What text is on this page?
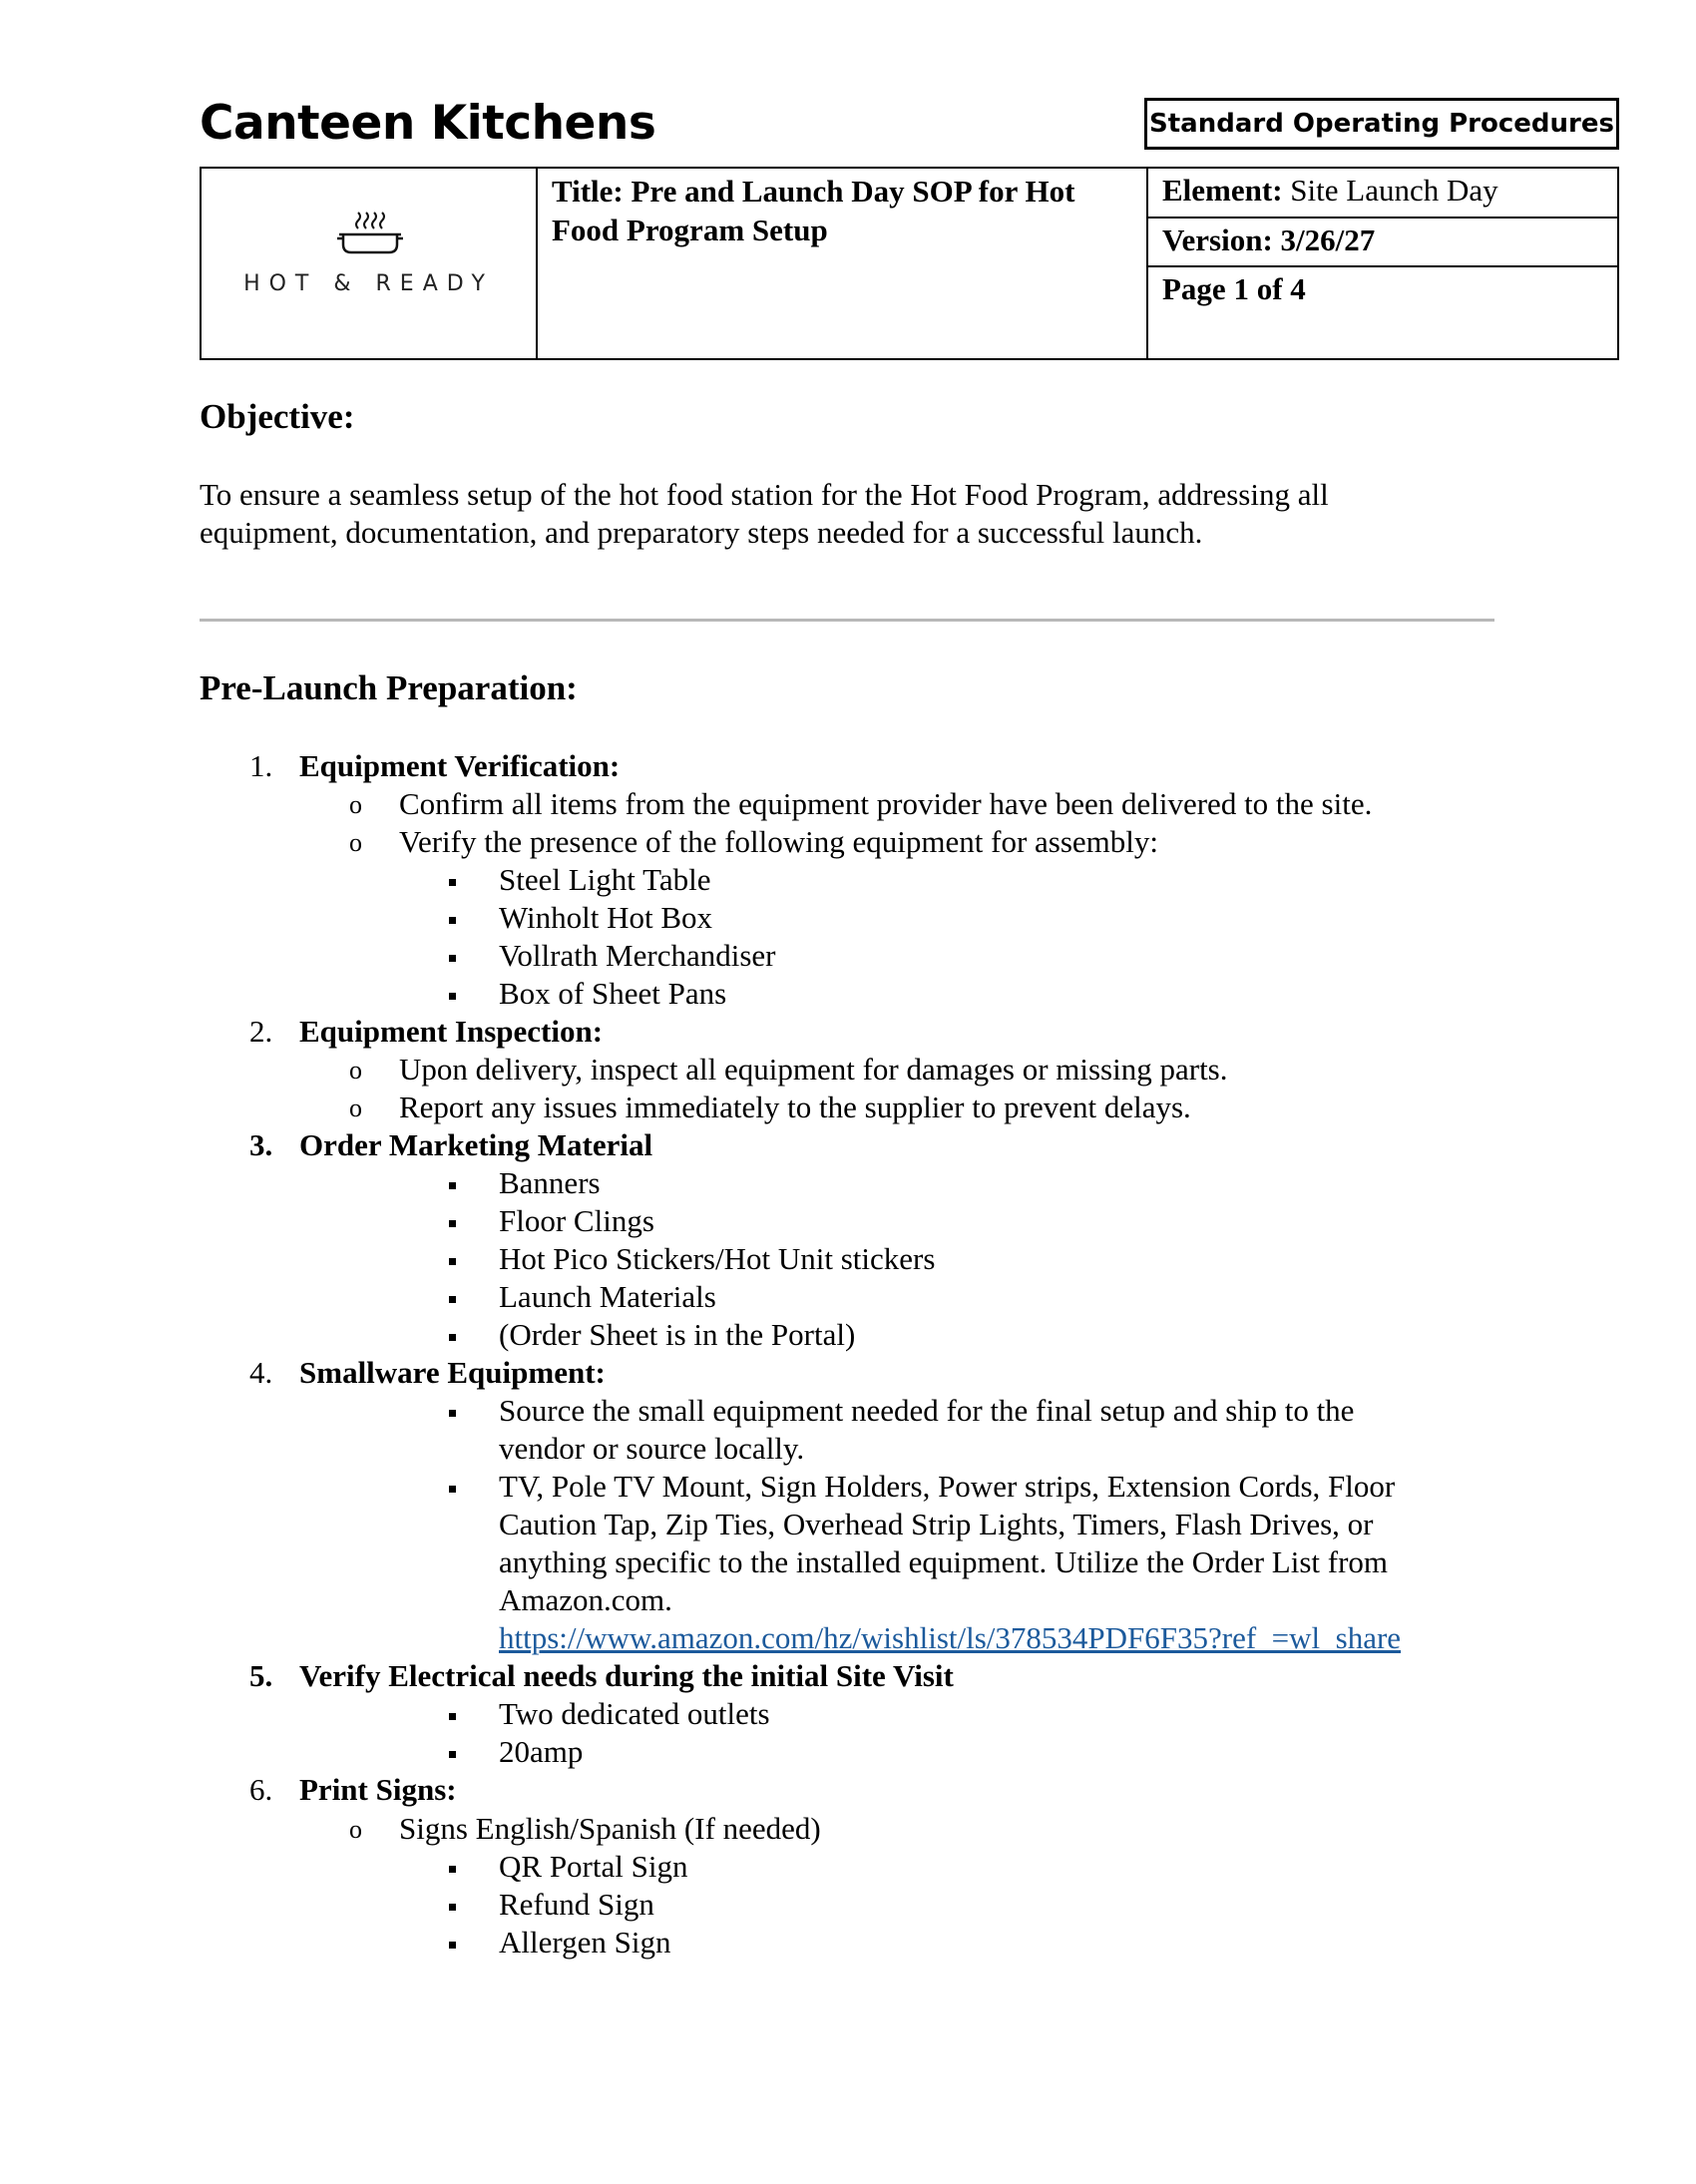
Canteen Kitchens	Standard Operating Procedures
HOT & READY
Title: Pre and Launch Day SOP for Hot
Food Program Setup
Element: Site Launch Day
Version: 3/26/27
Page 1 of 4
Objective:
To ensure a seamless setup of the hot food station for the Hot Food Program, addressing all
equipment, documentation, and preparatory steps needed for a successful launch.
Pre-Launch Preparation:
1. Equipment Verification:
o Confirm all items from the equipment provider have been delivered to the site.
o Verify the presence of the following equipment for assembly:
Steel Light Table
Winholt Hot Box
Vollrath Merchandiser
Box of Sheet Pans
2. Equipment Inspection:
o Upon delivery, inspect all equipment for damages or missing parts.
o Report any issues immediately to the supplier to prevent delays.
3. Order Marketing Material
Banners
Floor Clings
Hot Pico Stickers/Hot Unit stickers
Launch Materials
(Order Sheet is in the Portal)
4. Smallware Equipment:
Source the small equipment needed for the final setup and ship to the
vendor or source locally.
TV, Pole TV Mount, Sign Holders, Power strips, Extension Cords, Floor
Caution Tap, Zip Ties, Overhead Strip Lights, Timers, Flash Drives, or
anything specific to the installed equipment. Utilize the Order List from
Amazon.com.
https://www.amazon.com/hz/wishlist/ls/378534PDF6F35?ref_=wl_share
5. Verify Electrical needs during the initial Site Visit
Two dedicated outlets
20amp
6. Print Signs:
o Signs English/Spanish (If needed)
QR Portal Sign
Refund Sign
Allergen Sign
